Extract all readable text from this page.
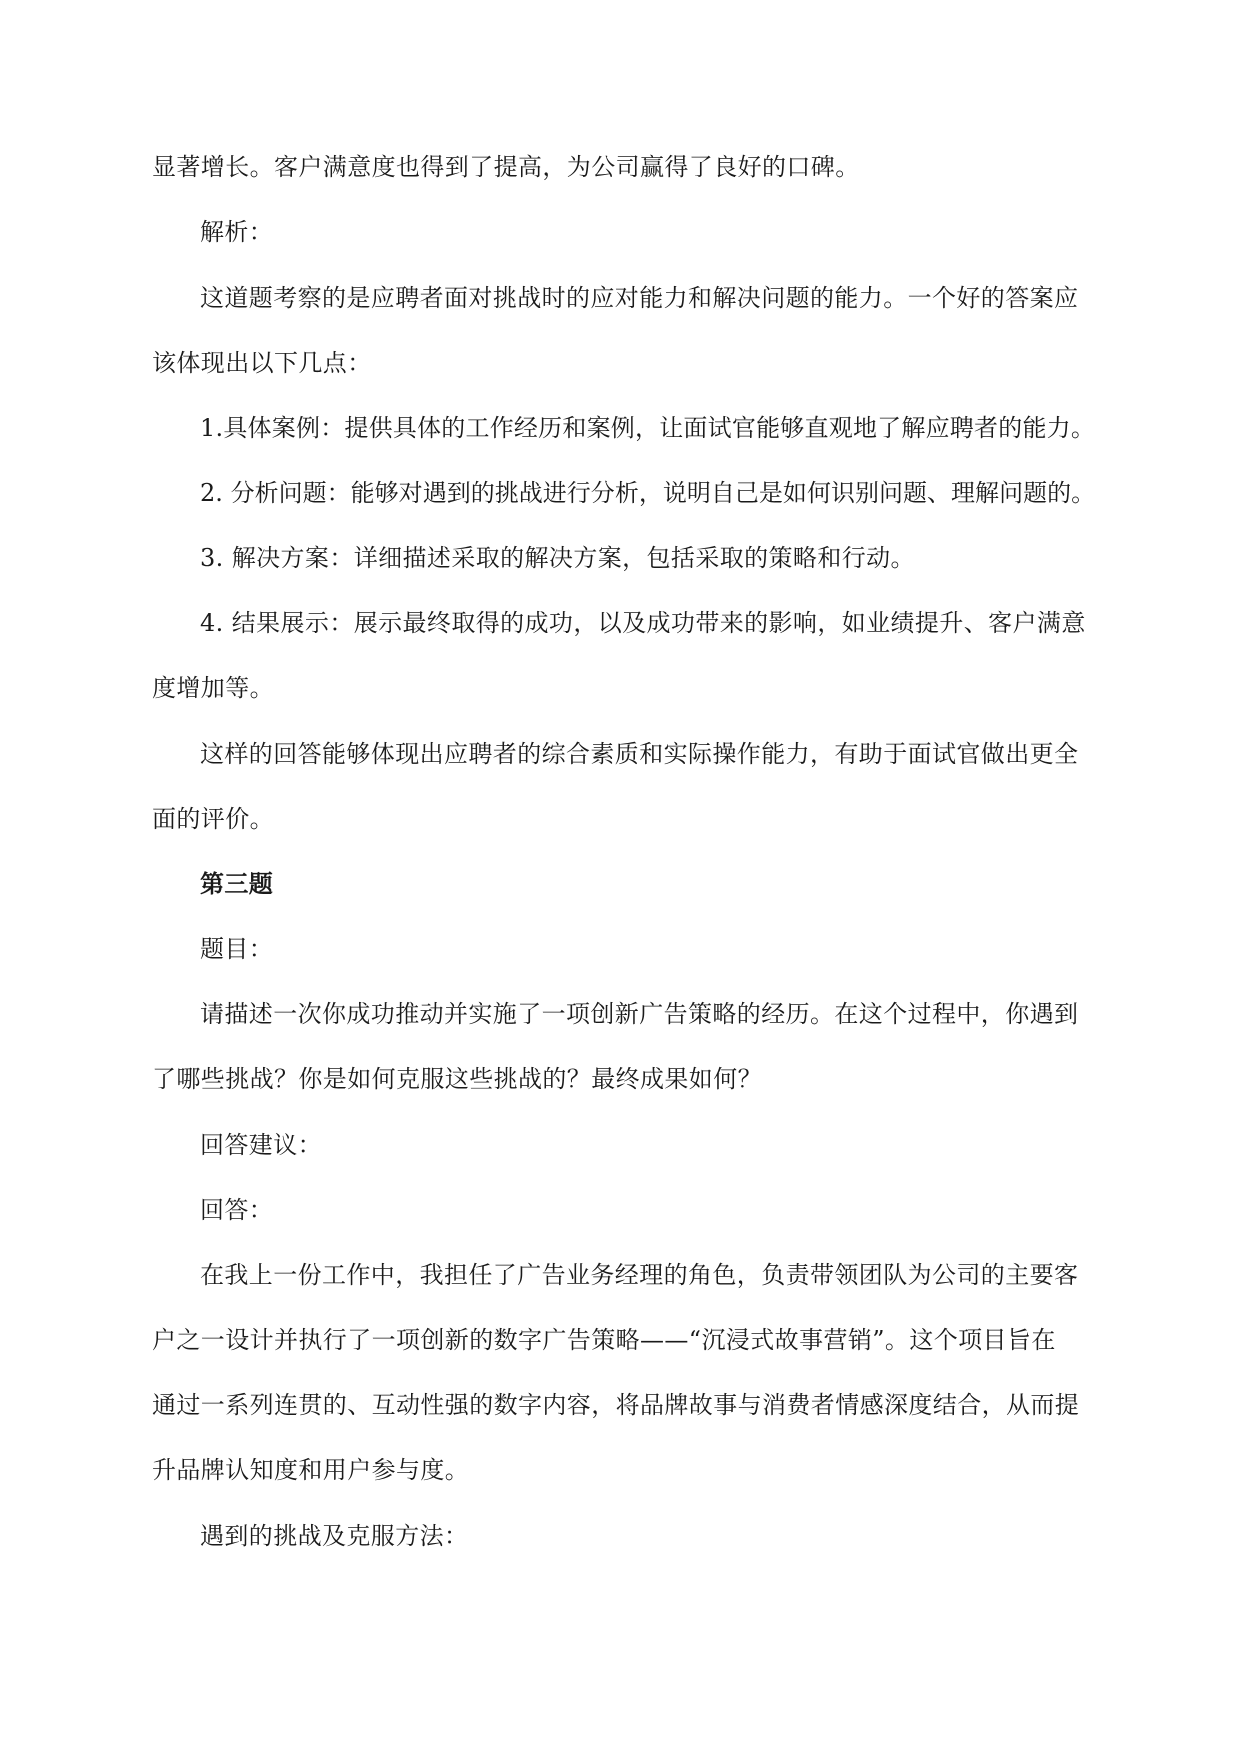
显著增长。客户满意度也得到了提高，为公司赢得了良好的口碑。
解析：
这道题考察的是应聘者面对挑战时的应对能力和解决问题的能力。一个好的答案应
该体现出以下几点：
1.具体案例：提供具体的工作经历和案例，让面试官能够直观地了解应聘者的能力。
2. 分析问题：能够对遇到的挑战进行分析，说明自己是如何识别问题、理解问题的。
3. 解决方案：详细描述采取的解决方案，包括采取的策略和行动。
4. 结果展示：展示最终取得的成功，以及成功带来的影响，如业绩提升、客户满意
度增加等。
这样的回答能够体现出应聘者的综合素质和实际操作能力，有助于面试官做出更全
面的评价。
第三题
题目：
请描述一次你成功推动并实施了一项创新广告策略的经历。在这个过程中，你遇到
了哪些挑战？你是如何克服这些挑战的？最终成果如何？
回答建议：
回答：
在我上一份工作中，我担任了广告业务经理的角色，负责带领团队为公司的主要客
户之一设计并执行了一项创新的数字广告策略——“沉浸式故事营销”。这个项目旨在
通过一系列连贯的、互动性强的数字内容，将品牌故事与消费者情感深度结合，从而提
升品牌认知度和用户参与度。
遇到的挑战及克服方法：
